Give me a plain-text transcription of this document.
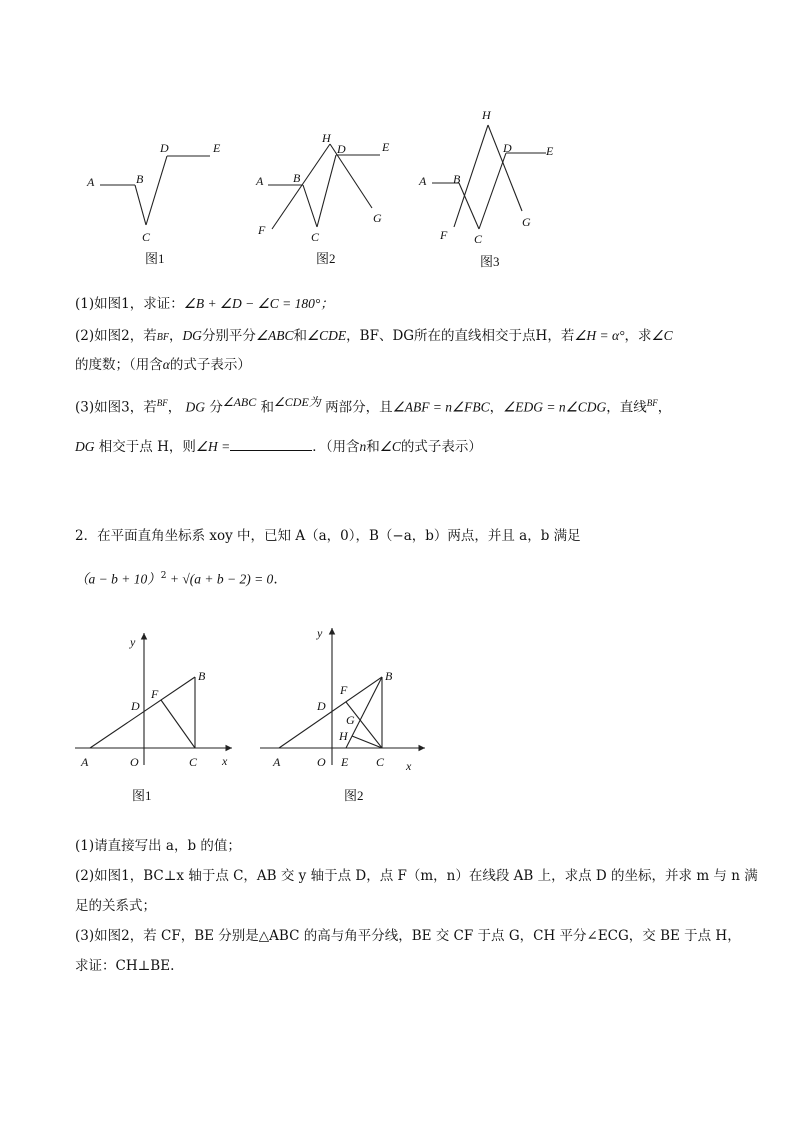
A	B
C
D	E
图1
A B
C
D	E
F
G
H
图2
A B
C
D	E
F
G
H
图3
(1)如图1，求证：∠B + ∠D − ∠C = 180°；
(2)如图2，若BF，DG分别平分∠ABC和∠CDE，BF、DG所在的直线相交于点H，若∠H = α°，求∠C
的度数；（用含α的式子表示）
(3)如图3，若$^{BF}$， DG 分∠ABC 和∠CDE为 两部分，且∠ABF = n∠FBC，∠EDG = n∠CDG，直线$^{BF}$，
DG 相交于点 H，则∠H =	．（用含n和∠C的式子表示）
2．在平面直角坐标系 xoy 中，已知 A（a，0），B（−a，b）两点，并且 a，b 满足
$(a - b + 10)^2 + √(a + b - 2) = 0$.
y
x
A	O	C
B
D
F
图1
y
x
A	O E C
B
D
F
G
H
图2
(1)请直接写出 a，b 的值；
(2)如图1，BC⊥x 轴于点 C，AB 交 y 轴于点 D，点 F（m，n）在线段 AB 上，求点 D 的坐标，并求 m 与 n 满
足的关系式；
(3)如图2，若 CF，BE 分别是△ABC 的高与角平分线，BE 交 CF 于点 G，CH 平分∠ECG，交 BE 于点 H，
求证：CH⊥BE.
